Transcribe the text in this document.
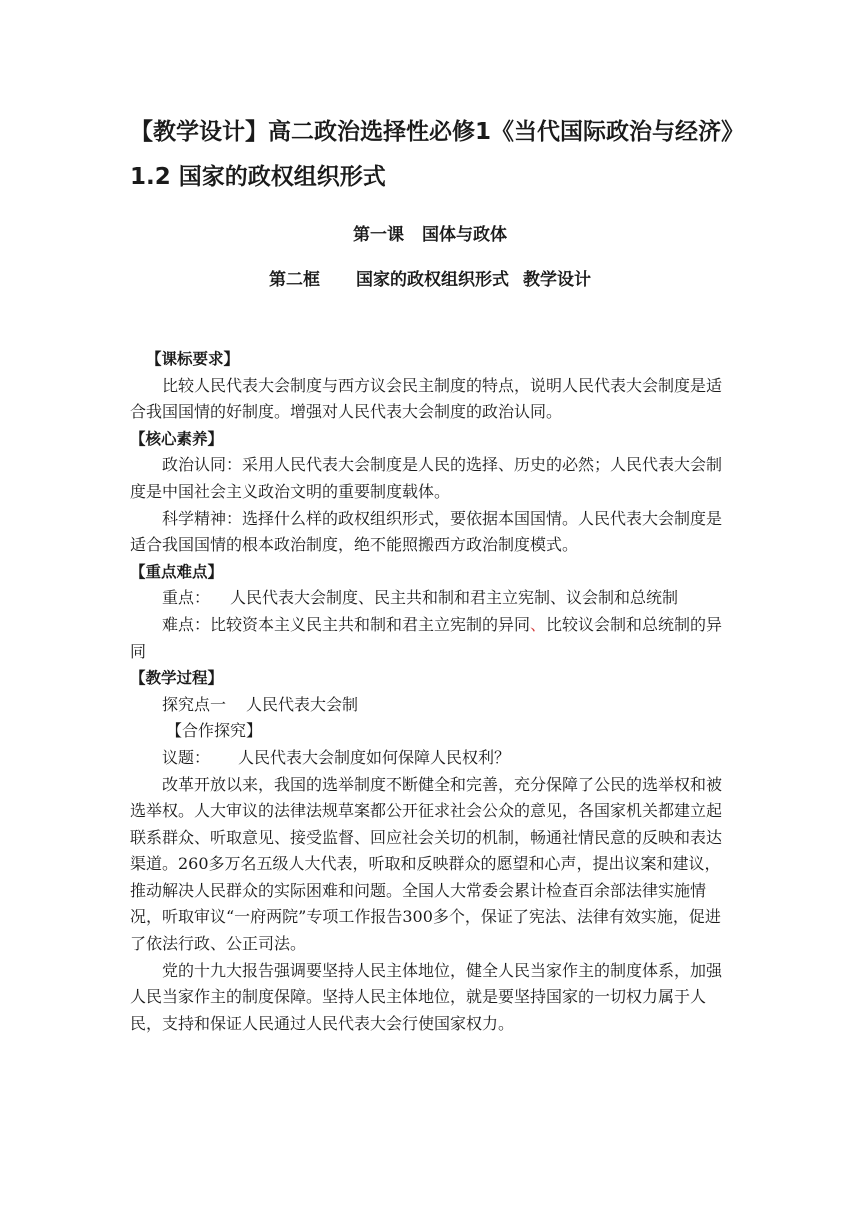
【教学设计】高二政治选择性必修1《当代国际政治与经济》1.2 国家的政权组织形式

第一课 国体与政体

第二框 国家的政权组织形式 教学设计

【课标要求】

比较人民代表大会制度与西方议会民主制度的特点，说明人民代表大会制度是适合我国国情的好制度。增强对人民代表大会制度的政治认同。

【核心素养】

政治认同：采用人民代表大会制度是人民的选择、历史的必然；人民代表大会制度是中国社会主义政治文明的重要制度载体。

科学精神：选择什么样的政权组织形式，要依据本国国情。人民代表大会制度是适合我国国情的根本政治制度，绝不能照搬西方政治制度模式。

【重点难点】

重点： 人民代表大会制度、民主共和制和君主立宪制、议会制和总统制

难点：比较资本主义民主共和制和君主立宪制的异同、比较议会制和总统制的异同

【教学过程】

探究点一 人民代表大会制

【合作探究】

议题： 人民代表大会制度如何保障人民权利？

改革开放以来，我国的选举制度不断健全和完善，充分保障了公民的选举权和被选举权。人大审议的法律法规草案都公开征求社会公众的意见，各国家机关都建立起联系群众、听取意见、接受监督、回应社会关切的机制，畅通社情民意的反映和表达渠道。260多万名五级人大代表，听取和反映群众的愿望和心声，提出议案和建议，推动解决人民群众的实际困难和问题。全国人大常委会累计检查百余部法律实施情况，听取审议“一府两院”专项工作报告300多个，保证了宪法、法律有效实施，促进了依法行政、公正司法。

党的十九大报告强调要坚持人民主体地位，健全人民当家作主的制度体系，加强人民当家作主的制度保障。坚持人民主体地位，就是要坚持国家的一切权力属于人民，支持和保证人民通过人民代表大会行使国家权力。
